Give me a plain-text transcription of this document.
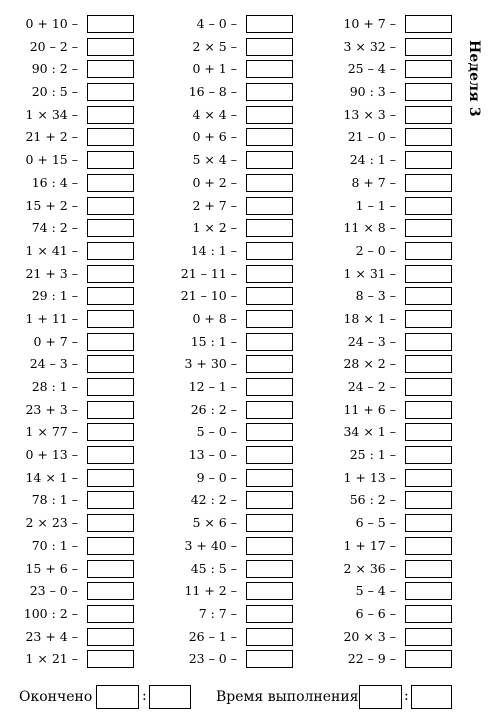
0 + 10 –
20 – 2 –
90 : 2 –
20 : 5 –
1 × 34 –
21 + 2 –
0 + 15 –
16 : 4 –
15 + 2 –
74 : 2 –
1 × 41 –
21 + 3 –
29 : 1 –
1 + 11 –
0 + 7 –
24 – 3 –
28 : 1 –
23 + 3 –
1 × 77 –
0 + 13 –
14 × 1 –
78 : 1 –
2 × 23 –
70 : 1 –
15 + 6 –
23 – 0 –
100 : 2 –
23 + 4 –
1 × 21 –
4 – 0 –
2 × 5 –
0 + 1 –
16 – 8 –
4 × 4 –
0 + 6 –
5 × 4 –
0 + 2 –
2 + 7 –
1 × 2 –
14 : 1 –
21 – 11 –
21 – 10 –
0 + 8 –
15 : 1 –
3 + 30 –
12 – 1 –
26 : 2 –
5 – 0 –
13 – 0 –
9 – 0 –
42 : 2 –
5 × 6 –
3 + 40 –
45 : 5 –
11 + 2 –
7 : 7 –
26 – 1 –
23 – 0 –
10 + 7 –
3 × 32 –
25 – 4 –
90 : 3 –
13 × 3 –
21 – 0 –
24 : 1 –
8 + 7 –
1 – 1 –
11 × 8 –
2 – 0 –
1 × 31 –
8 – 3 –
18 × 1 –
24 – 3 –
28 × 2 –
24 – 2 –
11 + 6 –
34 × 1 –
25 : 1 –
1 + 13 –
56 : 2 –
6 – 5 –
1 + 17 –
2 × 36 –
5 – 4 –
6 – 6 –
20 × 3 –
22 – 9 –
Неделя 3
Окончено	:	Время выполнения	:
